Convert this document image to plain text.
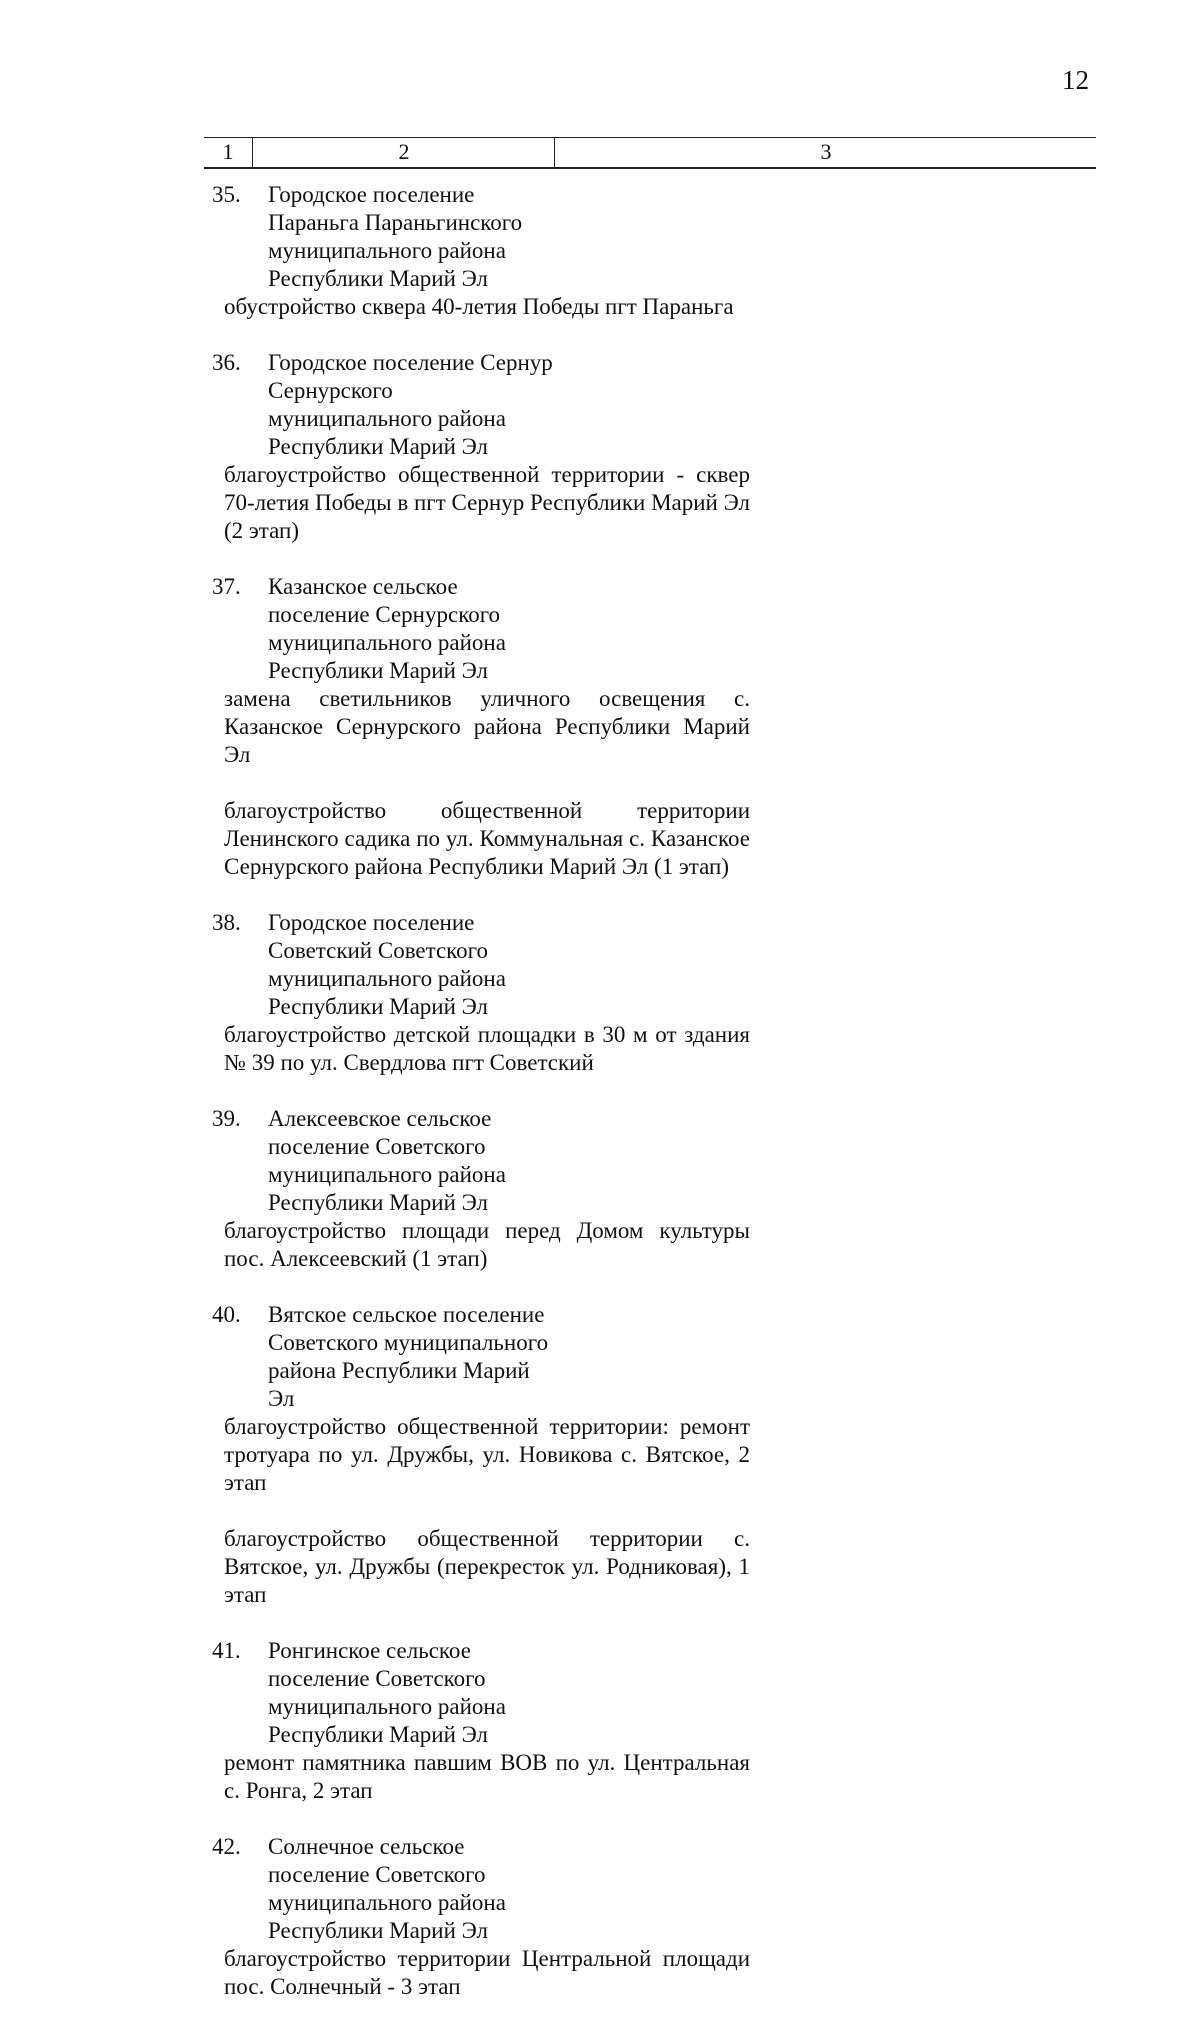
12
1	2	3
35.	Городское поселение Параньга Параньгинского муниципального района Республики Марий Эл
обустройство сквера 40-летия Победы пгт Параньга
36.	Городское поселение Сернур Сернурского муниципального района Республики Марий Эл
благоустройство общественной территории - сквер 70-летия Победы в пгт Сернур Республики Марий Эл (2 этап)
37.	Казанское сельское поселение Сернурского муниципального района Республики Марий Эл
замена светильников уличного освещения с. Казанское Сернурского района Республики Марий Эл
благоустройство общественной территории Ленинского садика по ул. Коммунальная с. Казанское Сернурского района Республики Марий Эл (1 этап)
38.	Городское поселение Советский Советского муниципального района Республики Марий Эл
благоустройство детской площадки в 30 м от здания № 39 по ул. Свердлова пгт Советский
39.	Алексеевское сельское поселение Советского муниципального района Республики Марий Эл
благоустройство площади перед Домом культуры пос. Алексеевский (1 этап)
40.	Вятское сельское поселение Советского муниципального района Республики Марий Эл
благоустройство общественной территории: ремонт тротуара по ул. Дружбы, ул. Новикова с. Вятское, 2 этап
благоустройство общественной территории с. Вятское, ул. Дружбы (перекресток ул. Родниковая), 1 этап
41.	Ронгинское сельское поселение Советского муниципального района Республики Марий Эл
ремонт памятника павшим ВОВ по ул. Центральная с. Ронга, 2 этап
42.	Солнечное сельское поселение Советского муниципального района Республики Марий Эл
благоустройство территории Центральной площади пос. Солнечный - 3 этап
